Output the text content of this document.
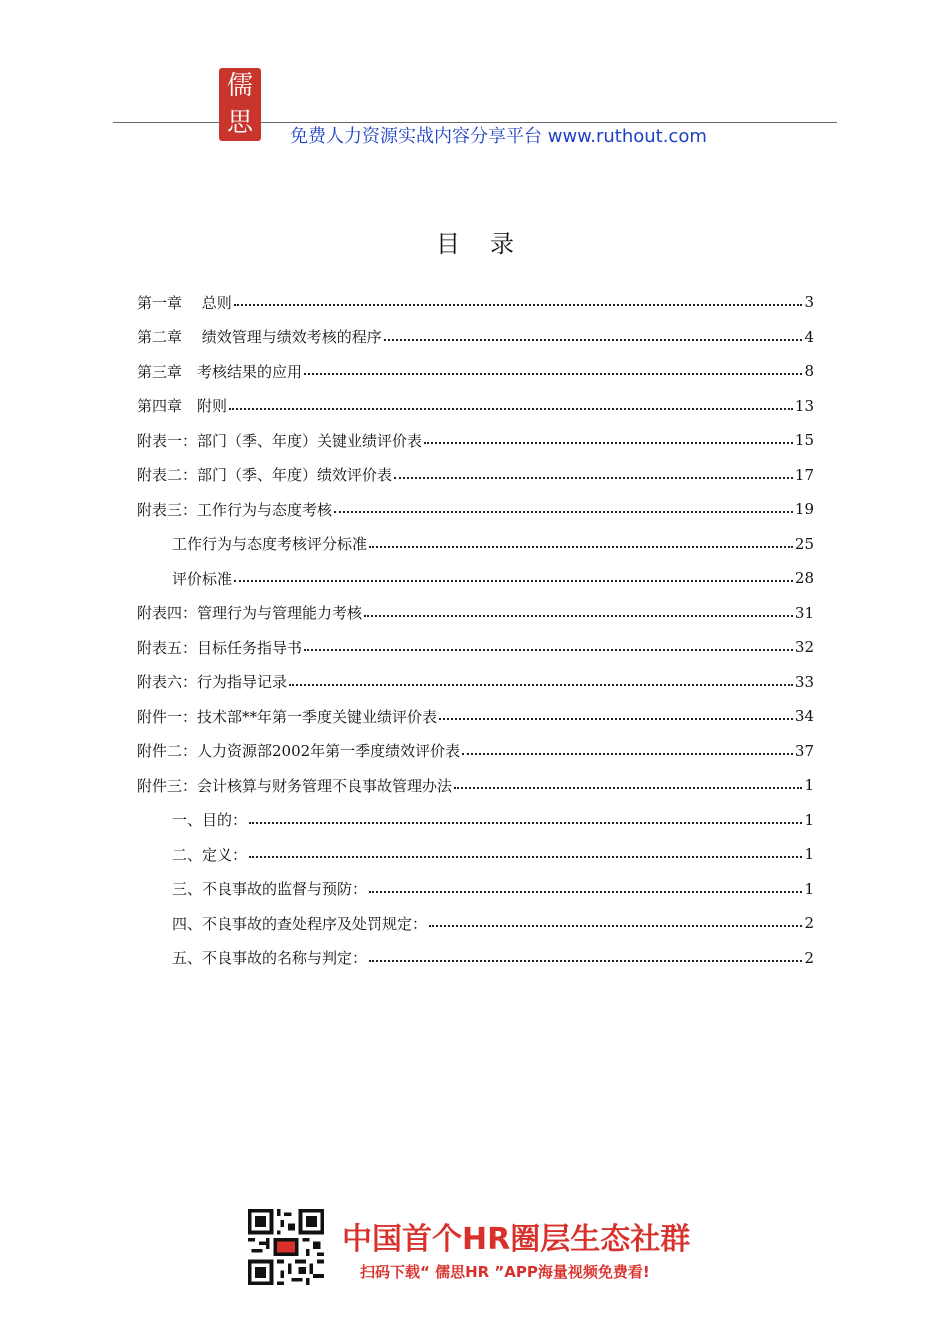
儒
思 免费人力资源实战内容分享平台 www.ruthout.com
目录
第一章　 总则	3
第二章　 绩效管理与绩效考核的程序	4
第三章　考核结果的应用	8
第四章　附则	13
附表一：部门（季、年度）关键业绩评价表	15
附表二：部门（季、年度）绩效评价表	17
附表三：工作行为与态度考核	19
工作行为与态度考核评分标准	25
评价标准	28
附表四：管理行为与管理能力考核	31
附表五：目标任务指导书	32
附表六：行为指导记录	33
附件一：技术部**年第一季度关键业绩评价表	34
附件二：人力资源部2002年第一季度绩效评价表	37
附件三：会计核算与财务管理不良事故管理办法	1
一、目的：	1
二、定义：	1
三、不良事故的监督与预防：	1
四、不良事故的查处程序及处罚规定：	2
五、不良事故的名称与判定：	2
中国首个HR圈层生态社群
扫码下载“ 儒思HR ”APP海量视频免费看!
